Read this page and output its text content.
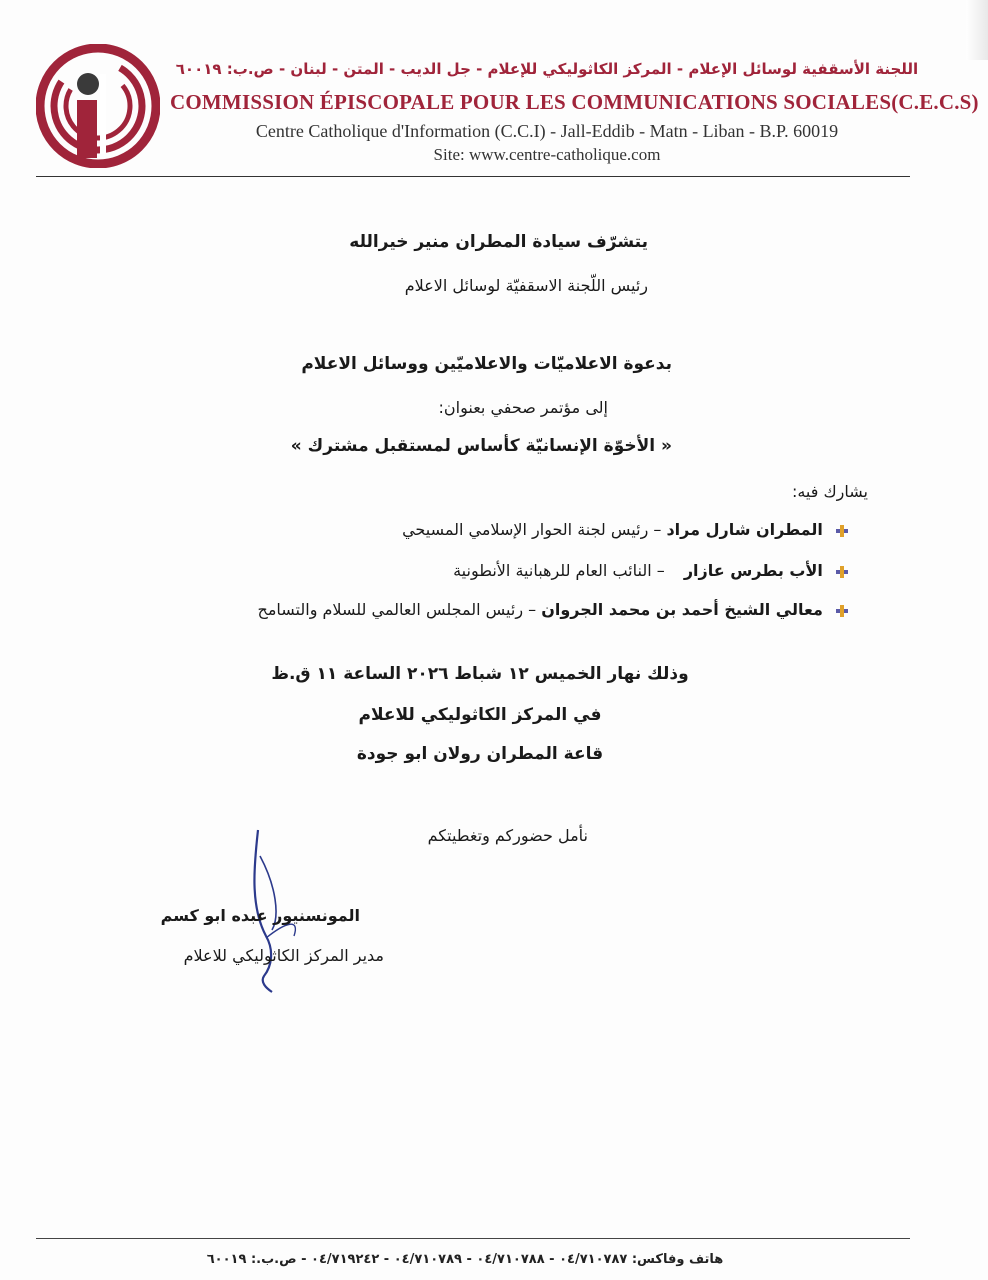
اللجنة الأسقفية لوسائل الإعلام - المركز الكاثوليكي للإعلام - جل الديب - المتن - لبنان - ص.ب: ٦٠٠١٩
COMMISSION ÉPISCOPALE POUR LES COMMUNICATIONS SOCIALES(C.E.C.S)
Centre Catholique d'Information (C.C.I) - Jall-Eddib - Matn - Liban - B.P. 60019
Site: www.centre-catholique.com
يتشرّف سيادة المطران منير خيرالله
رئيس اللّجنة الاسقفيّة لوسائل الاعلام
بدعوة الاعلاميّات والاعلاميّين ووسائل الاعلام
إلى مؤتمر صحفي بعنوان:
« الأخوّة الإنسانيّة كأساس لمستقبل مشترك »
يشارك فيه:
المطران شارل مراد – رئيس لجنة الحوار الإسلامي المسيحي
الأب بطرس عازار – النائب العام للرهبانية الأنطونية
معالي الشيخ أحمد بن محمد الجروان – رئيس المجلس العالمي للسلام والتسامح
وذلك نهار الخميس ١٢ شباط ٢٠٢٦ الساعة ١١ ق.ظ
في المركز الكاثوليكي للاعلام
قاعة المطران رولان ابو جودة
نأمل حضوركم وتغطيتكم
المونسنيور عبده ابو كسم
مدير المركز الكاثوليكي للاعلام
هاتف وفاكس: ٠٤/٧١٠٧٨٧ - ٠٤/٧١٠٧٨٨ - ٠٤/٧١٠٧٨٩ - ٠٤/٧١٩٢٤٢ - ص.ب.: ٦٠٠١٩
